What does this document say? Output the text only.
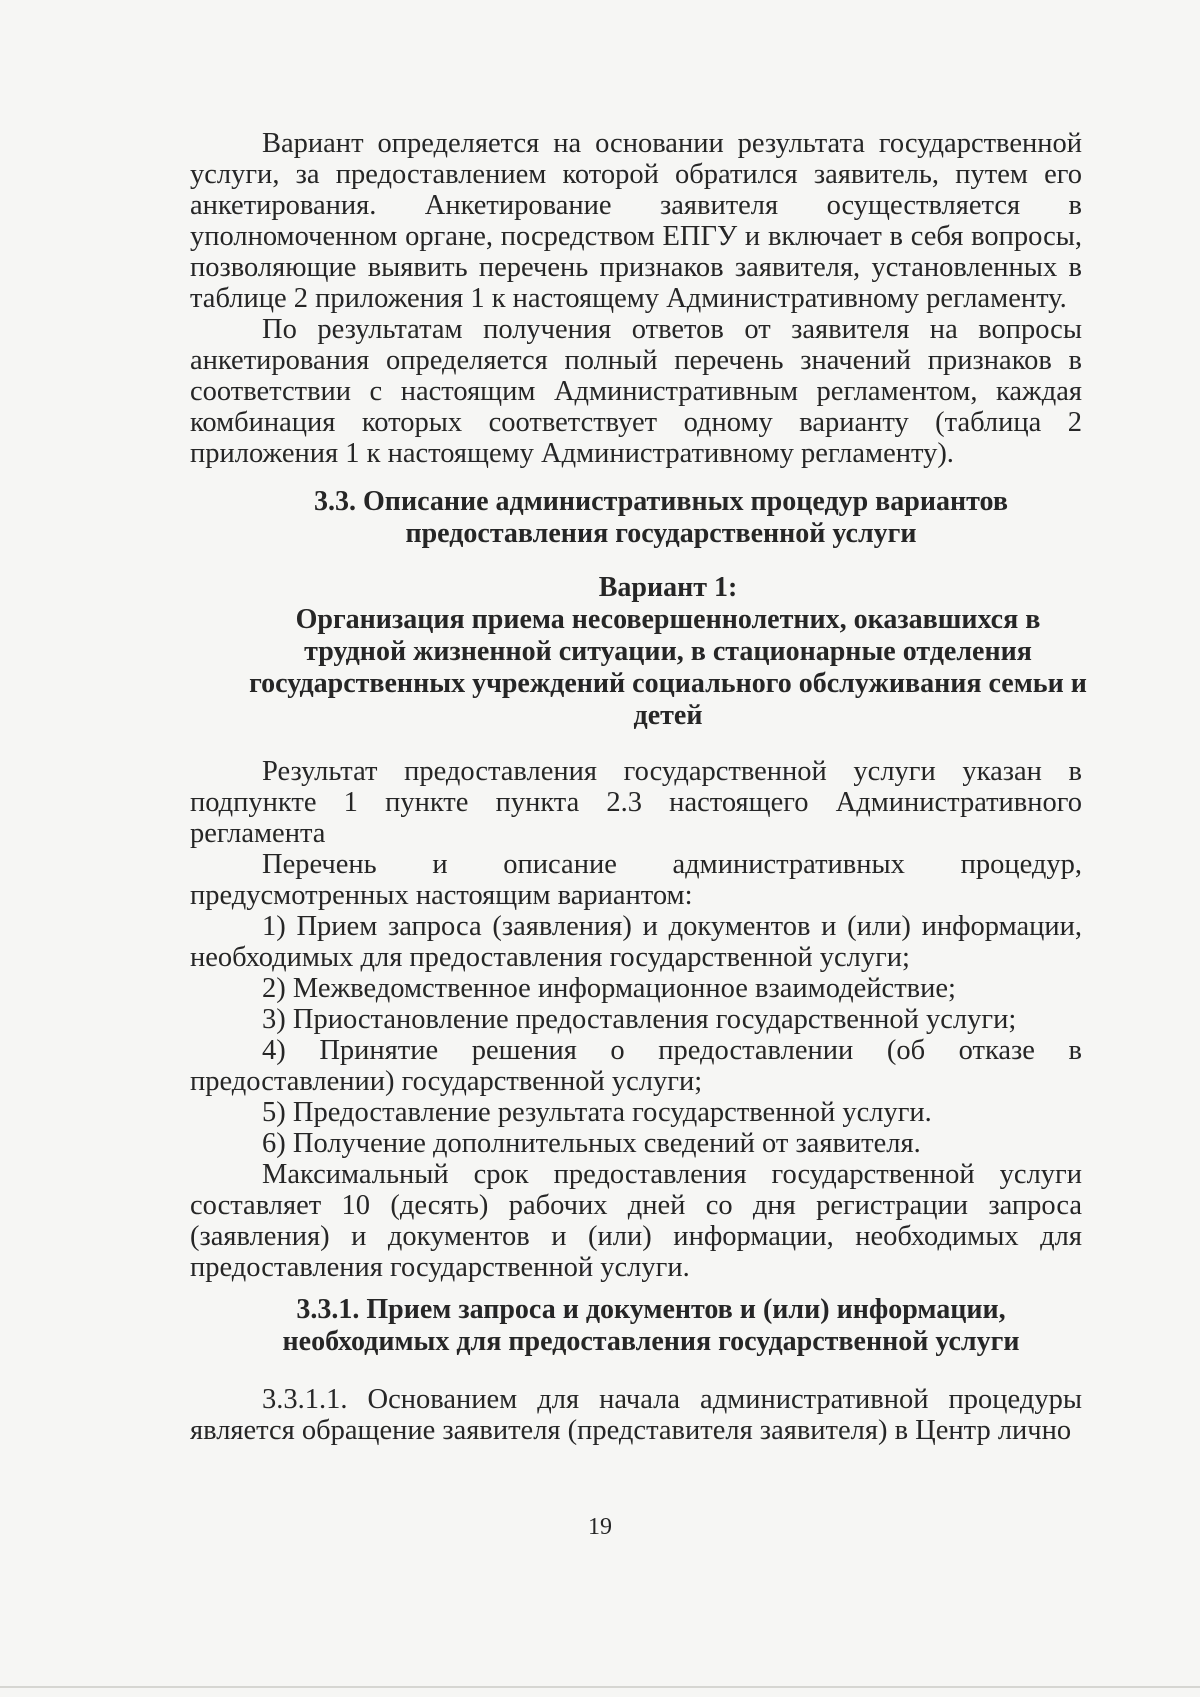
Вариант определяется на основании результата государственной услуги, за предоставлением которой обратился заявитель, путем его анкетирования. Анкетирование заявителя осуществляется в уполномоченном органе, посредством ЕПГУ и включает в себя вопросы, позволяющие выявить перечень признаков заявителя, установленных в таблице 2 приложения 1 к настоящему Административному регламенту.

По результатам получения ответов от заявителя на вопросы анкетирования определяется полный перечень значений признаков в соответствии с настоящим Административным регламентом, каждая комбинация которых соответствует одному варианту (таблица 2 приложения 1 к настоящему Административному регламенту).

3.3. Описание административных процедур вариантов
предоставления государственной услуги
Вариант 1:
Организация приема несовершеннолетних, оказавшихся в
трудной жизненной ситуации, в стационарные отделения
государственных учреждений социального обслуживания семьи и
детей

Результат предоставления государственной услуги указан в подпункте 1 пункте пункта 2.3 настоящего Административного регламента

Перечень и описание административных процедур, предусмотренных настоящим вариантом:

1) Прием запроса (заявления) и документов и (или) информации, необходимых для предоставления государственной услуги;

2) Межведомственное информационное взаимодействие;

3) Приостановление предоставления государственной услуги;

4) Принятие решения о предоставлении (об отказе в предоставлении) государственной услуги;

5) Предоставление результата государственной услуги.

6) Получение дополнительных сведений от заявителя.

Максимальный срок предоставления государственной услуги составляет 10 (десять) рабочих дней со дня регистрации запроса (заявления) и документов и (или) информации, необходимых для предоставления государственной услуги.

3.3.1. Прием запроса и документов и (или) информации,
необходимых для предоставления государственной услуги

3.3.1.1. Основанием для начала административной процедуры является обращение заявителя (представителя заявителя) в Центр лично

19
